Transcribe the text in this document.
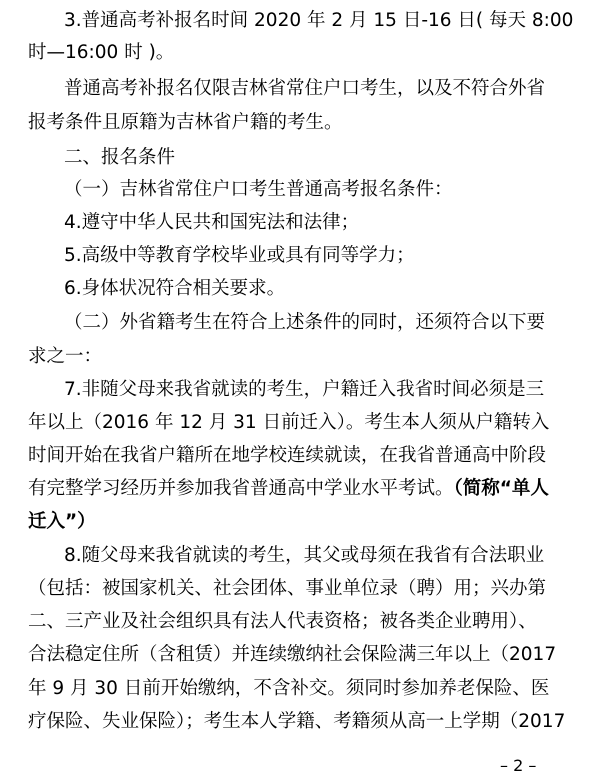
3.普通高考补报名时间 2020 年 2 月 15 日-16 日( 每天 8:00
时—16:00 时 )。
普通高考补报名仅限吉林省常住户口考生，以及不符合外省
报考条件且原籍为吉林省户籍的考生。
二、报名条件
（一）吉林省常住户口考生普通高考报名条件：
4.遵守中华人民共和国宪法和法律；
5.高级中等教育学校毕业或具有同等学力；
6.身体状况符合相关要求。
（二）外省籍考生在符合上述条件的同时，还须符合以下要
求之一：
7.非随父母来我省就读的考生，户籍迁入我省时间必须是三
年以上（2016 年 12 月 31 日前迁入）。考生本人须从户籍转入
时间开始在我省户籍所在地学校连续就读，在我省普通高中阶段
有完整学习经历并参加我省普通高中学业水平考试。（简称“单人
迁入”）
8.随父母来我省就读的考生，其父或母须在我省有合法职业
（包括：被国家机关、社会团体、事业单位录（聘）用；兴办第
二、三产业及社会组织具有法人代表资格；被各类企业聘用）、
合法稳定住所（含租赁）并连续缴纳社会保险满三年以上（2017
年 9 月 30 日前开始缴纳，不含补交。须同时参加养老保险、医
疗保险、失业保险）；考生本人学籍、考籍须从高一上学期（2017
– 2 –
